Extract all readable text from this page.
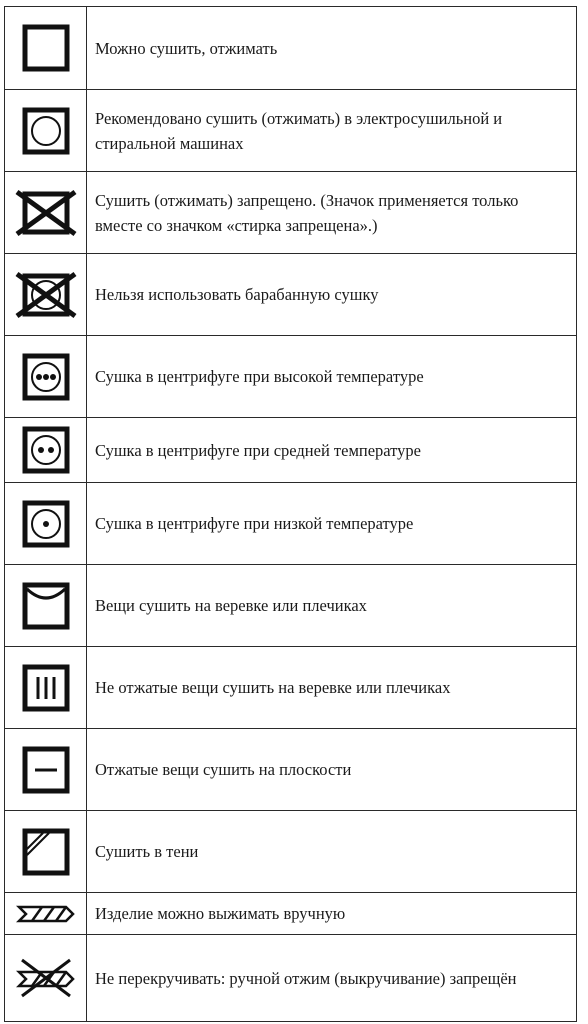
	Можно сушить, отжимать

	Рекомендовано сушить (отжимать) в электросушильной и стиральной машинах

	Сушить (отжимать) запрещено. (Значок применяется только вместе со значком «стирка запрещена».)

	Нельзя использовать барабанную сушку

	Сушка в центрифуге при высокой температуре

	Сушка в центрифуге при средней температуре

	Сушка в центрифуге при низкой температуре

	Вещи сушить на веревке или плечиках

	Не отжатые вещи сушить на веревке или плечиках

	Отжатые вещи сушить на плоскости

	Сушить в тени

	Изделие можно выжимать вручную

	Не перекручивать: ручной отжим (выкручивание) запрещён
